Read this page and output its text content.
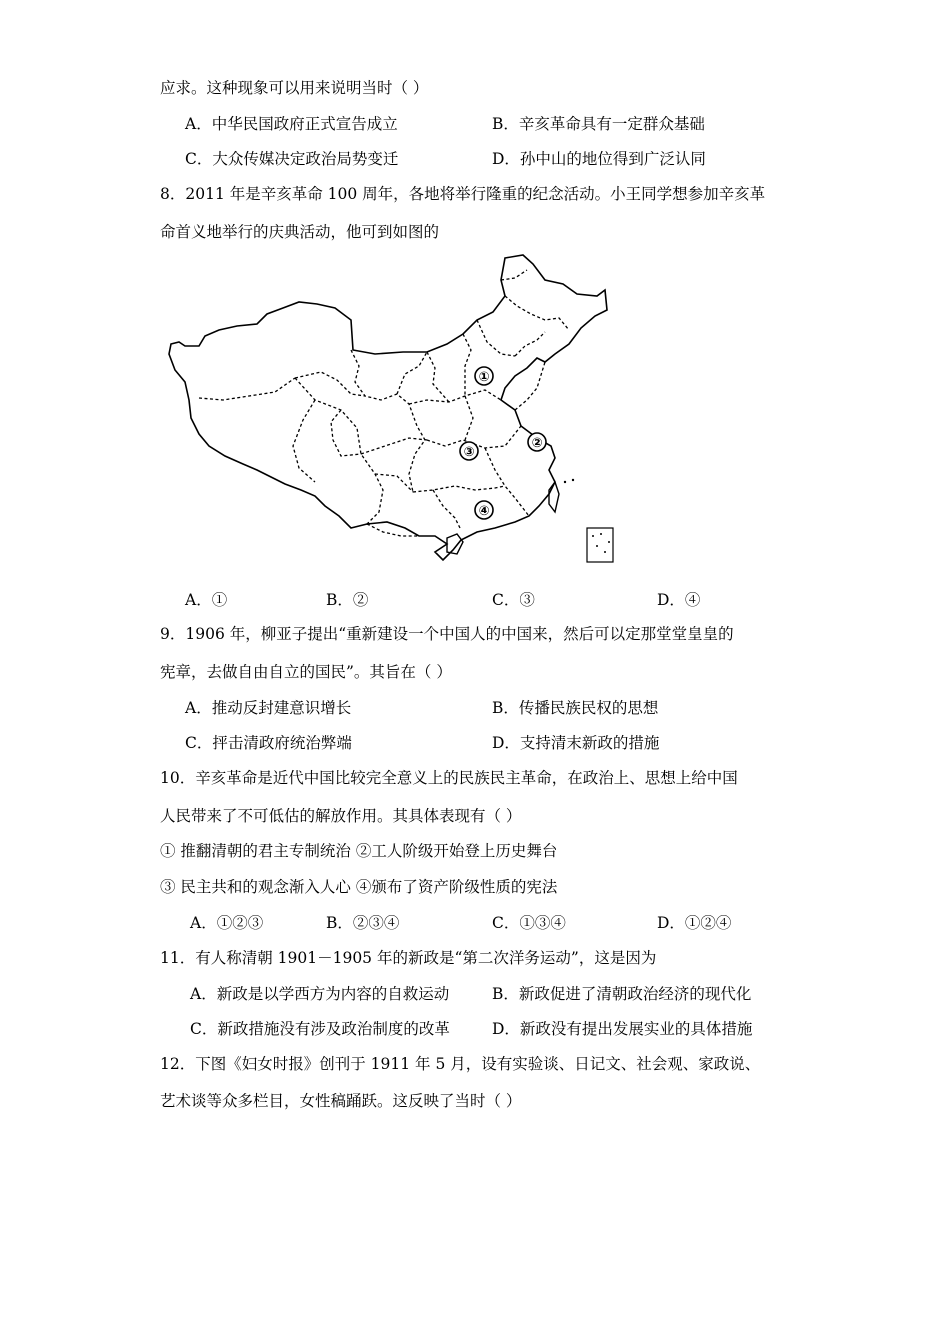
应求。这种现象可以用来说明当时（ ）
A．中华民国政府正式宣告成立	B．辛亥革命具有一定群众基础
C．大众传媒决定政治局势变迁	D．孙中山的地位得到广泛认同
8．2011 年是辛亥革命 100 周年，各地将举行隆重的纪念活动。小王同学想参加辛亥革
命首义地举行的庆典活动，他可到如图的
①
②
③
④
A．①	B．②	C．③	D．④
9．1906 年，柳亚子提出“重新建设一个中国人的中国来，然后可以定那堂堂皇皇的
宪章，去做自由自立的国民”。其旨在（ ）
A．推动反封建意识增长	B．传播民族民权的思想
C．抨击清政府统治弊端	D．支持清末新政的措施
10．辛亥革命是近代中国比较完全意义上的民族民主革命，在政治上、思想上给中国
人民带来了不可低估的解放作用。其具体表现有（ ）
① 推翻清朝的君主专制统治 ②工人阶级开始登上历史舞台
③ 民主共和的观念渐入人心 ④颁布了资产阶级性质的宪法
A．①②③	B．②③④	C．①③④	D．①②④
11．有人称清朝 1901－1905 年的新政是“第二次洋务运动”，这是因为
A．新政是以学西方为内容的自救运动	B．新政促进了清朝政治经济的现代化
C．新政措施没有涉及政治制度的改革	D．新政没有提出发展实业的具体措施
12．下图《妇女时报》创刊于 1911 年 5 月，设有实验谈、日记文、社会观、家政说、
艺术谈等众多栏目，女性稿踊跃。这反映了当时（ ）
